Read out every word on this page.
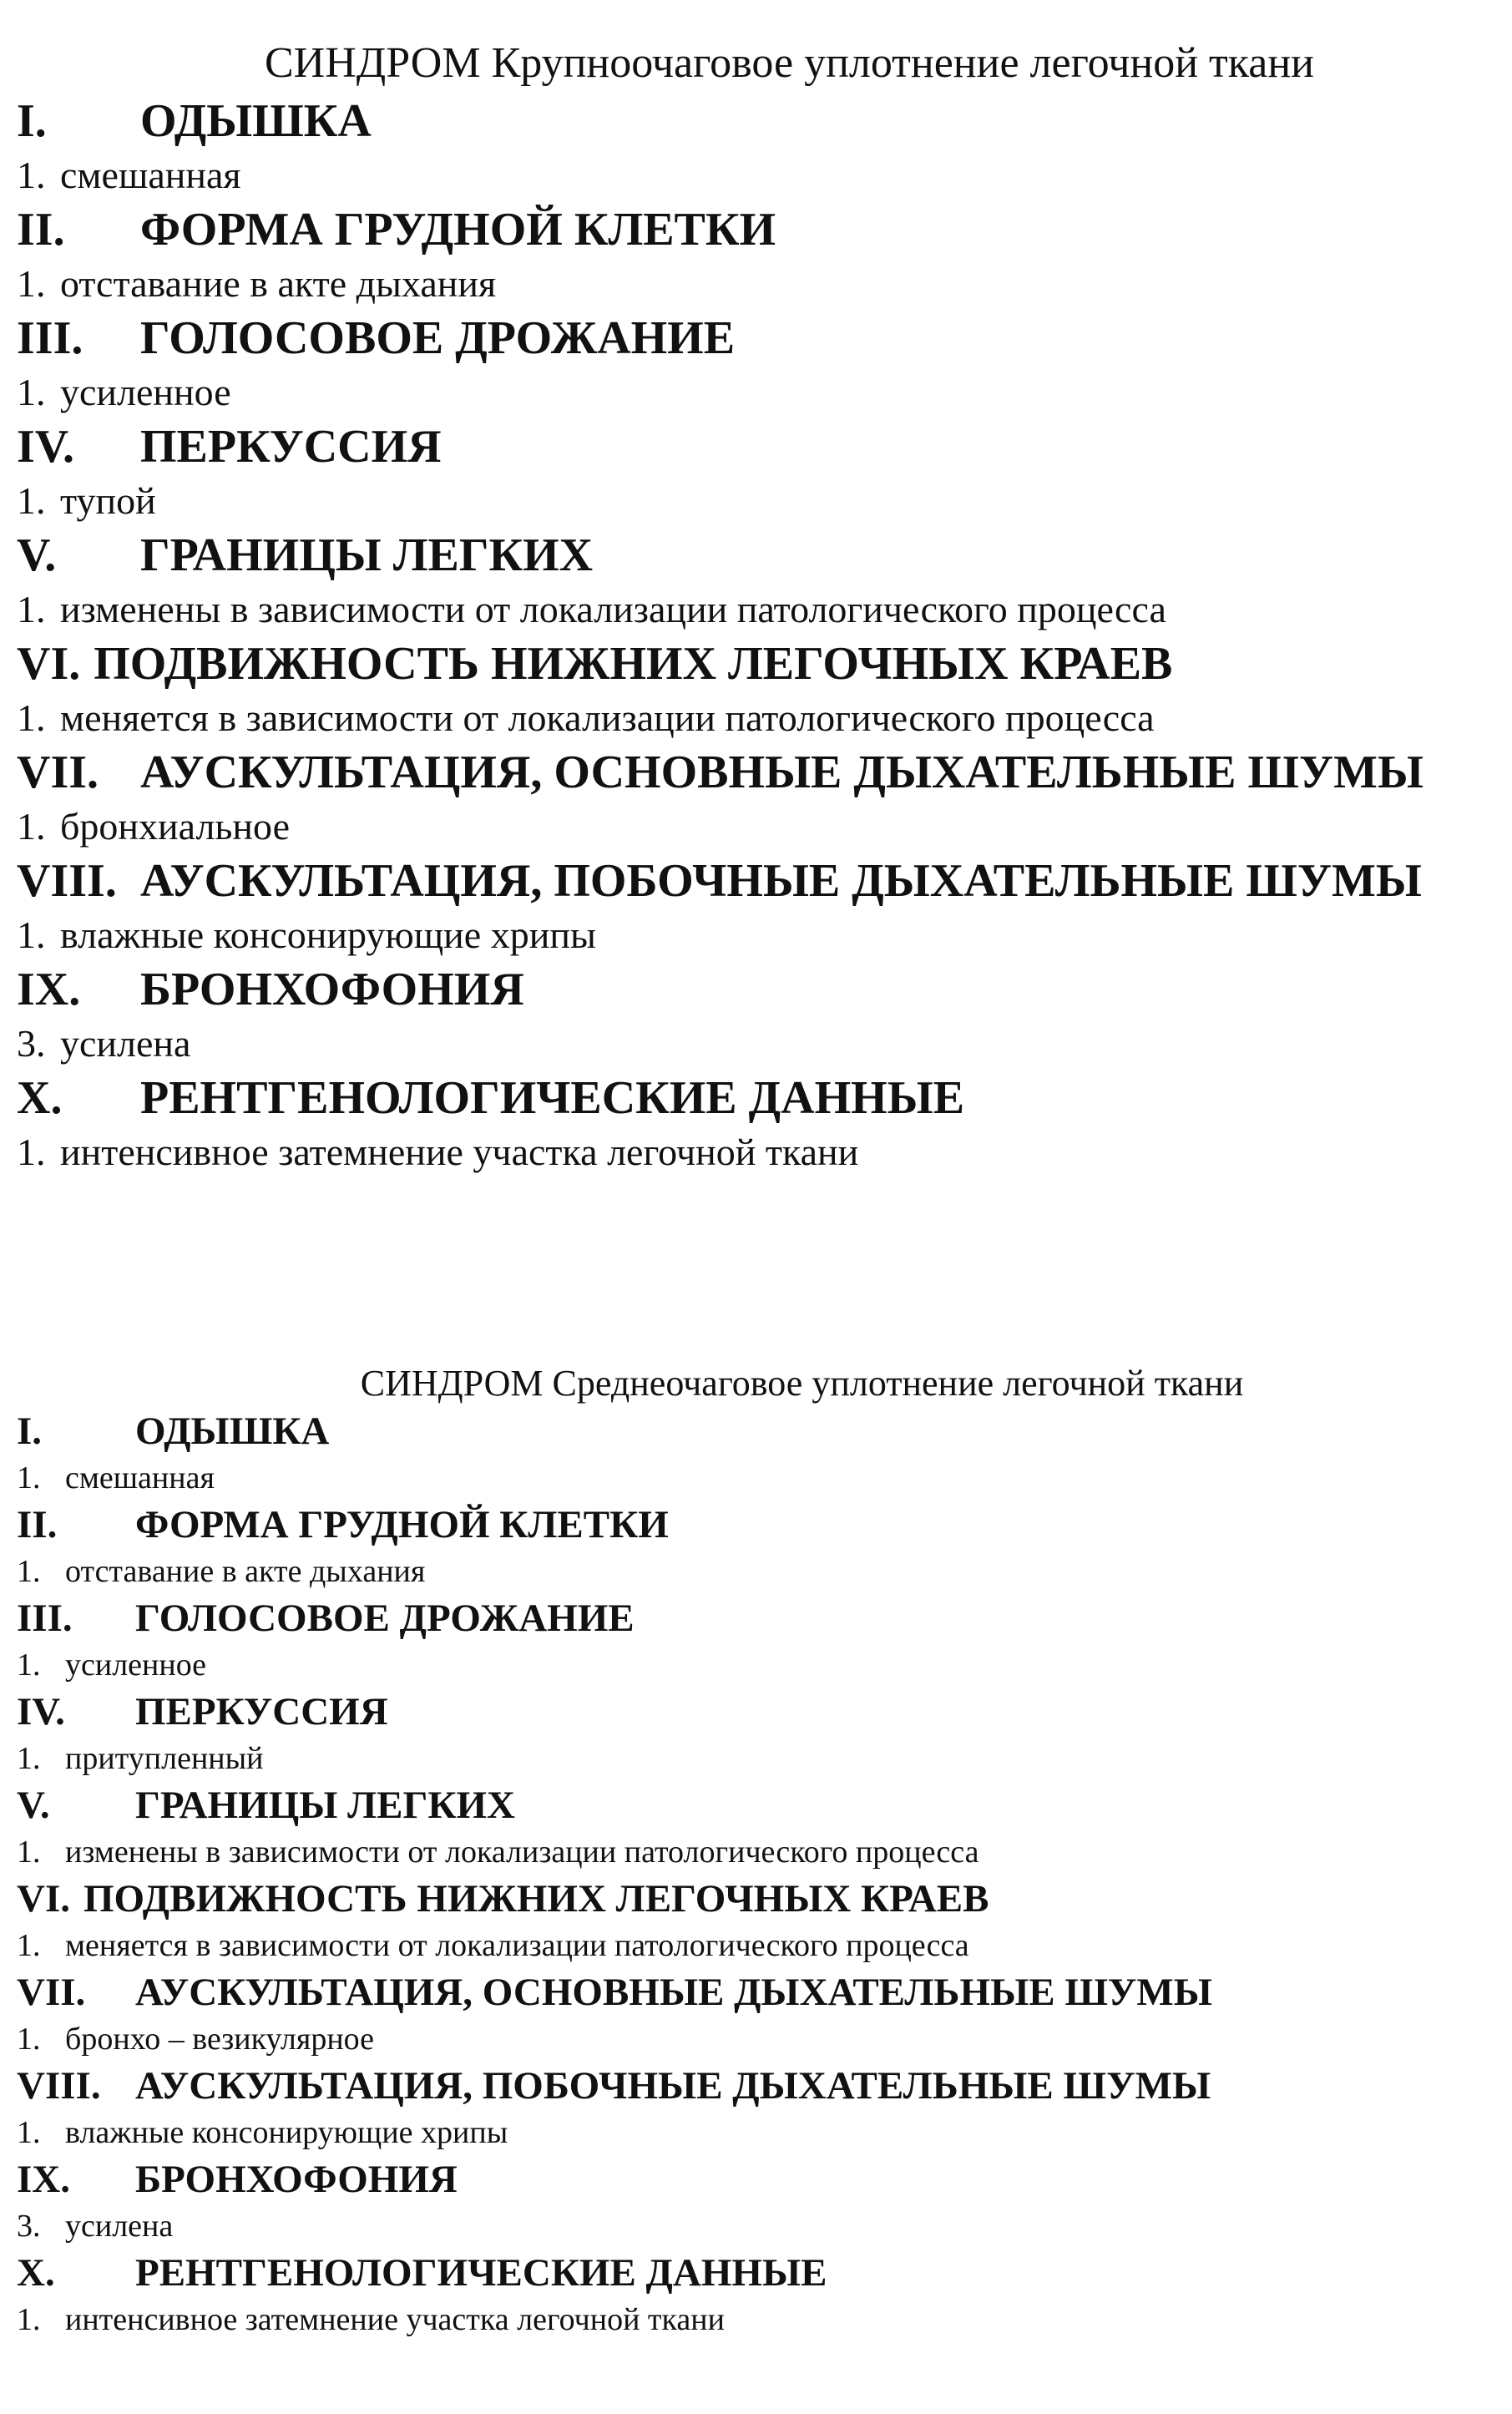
СИНДРОМ Крупноочаговое уплотнение легочной ткани
I.	ОДЫШКА
1. смешанная
II.	ФОРМА ГРУДНОЙ КЛЕТКИ
1. отставание в акте дыхания
III.	ГОЛОСОВОЕ ДРОЖАНИЕ
1. усиленное
IV.	ПЕРКУССИЯ
1. тупой
V.	ГРАНИЦЫ ЛЕГКИХ
1. изменены в зависимости от локализации патологического процесса
VI. ПОДВИЖНОСТЬ НИЖНИХ ЛЕГОЧНЫХ КРАЕВ
1. меняется в зависимости от локализации патологического процесса
VII. АУСКУЛЬТАЦИЯ, ОСНОВНЫЕ ДЫХАТЕЛЬНЫЕ ШУМЫ
1. бронхиальное
VIII. АУСКУЛЬТАЦИЯ, ПОБОЧНЫЕ ДЫХАТЕЛЬНЫЕ ШУМЫ
1. влажные консонирующие хрипы
IX.	БРОНХОФОНИЯ
3. усилена
X.	РЕНТГЕНОЛОГИЧЕСКИЕ ДАННЫЕ
1. интенсивное затемнение участка легочной ткани
СИНДРОМ Среднеочаговое уплотнение легочной ткани
I.	ОДЫШКА
1. смешанная
II.	ФОРМА ГРУДНОЙ КЛЕТКИ
1. отставание в акте дыхания
III.	ГОЛОСОВОЕ ДРОЖАНИЕ
1. усиленное
IV.	ПЕРКУССИЯ
1. притупленный
V.	ГРАНИЦЫ ЛЕГКИХ
1. изменены в зависимости от локализации патологического процесса
VI. ПОДВИЖНОСТЬ НИЖНИХ ЛЕГОЧНЫХ КРАЕВ
1. меняется в зависимости от локализации патологического процесса
VII.	АУСКУЛЬТАЦИЯ, ОСНОВНЫЕ ДЫХАТЕЛЬНЫЕ ШУМЫ
1. бронхо – везикулярное
VIII. АУСКУЛЬТАЦИЯ, ПОБОЧНЫЕ ДЫХАТЕЛЬНЫЕ ШУМЫ
1. влажные консонирующие хрипы
IX.	БРОНХОФОНИЯ
3. усилена
X.	РЕНТГЕНОЛОГИЧЕСКИЕ ДАННЫЕ
1. интенсивное затемнение участка легочной ткани
